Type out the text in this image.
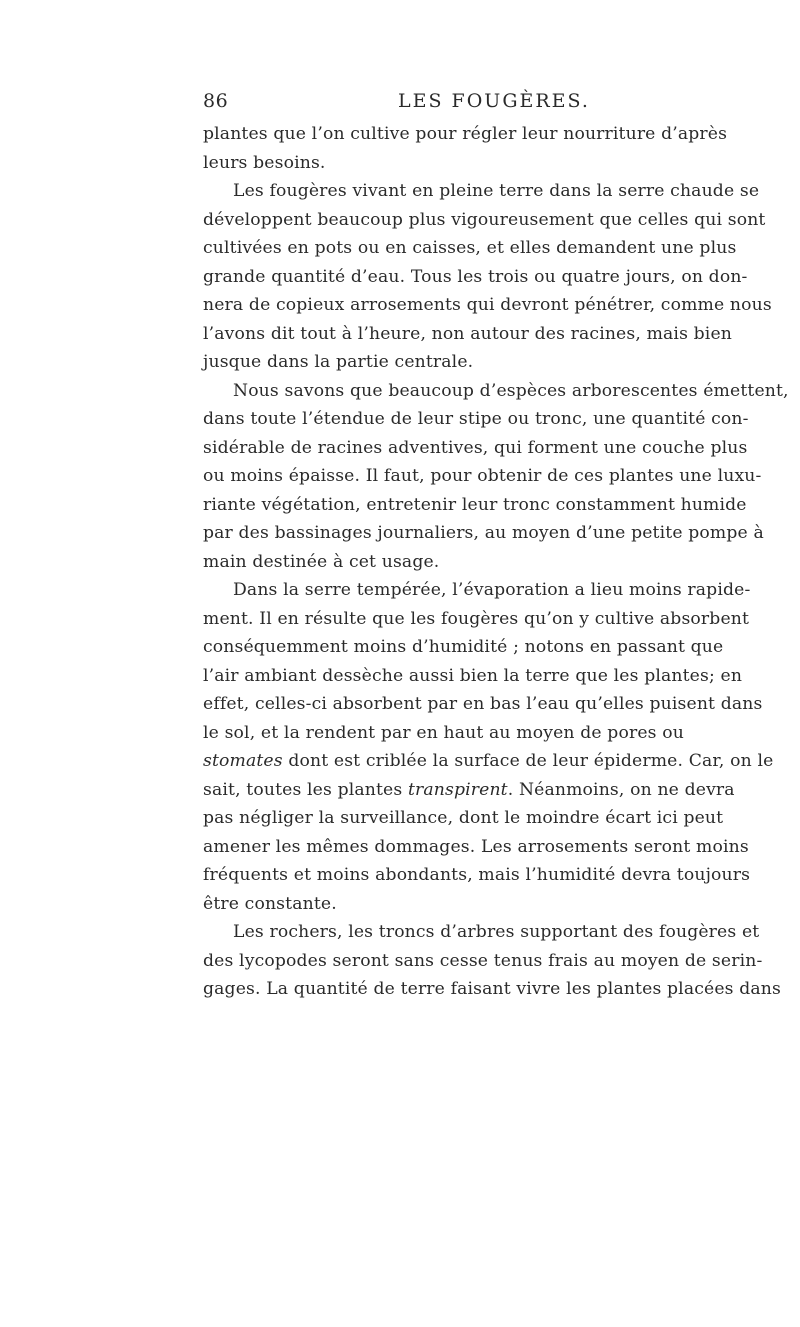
86	LES FOUGÈRES.
plantes que l’on cultive pour régler leur nourriture d’après
leurs besoins.
Les fougères vivant en pleine terre dans la serre chaude se
développent beaucoup plus vigoureusement que celles qui sont
cultivées en pots ou en caisses, et elles demandent une plus
grande quantité d’eau. Tous les trois ou quatre jours, on don-
nera de copieux arrosements qui devront pénétrer, comme nous
l’avons dit tout à l’heure, non autour des racines, mais bien
jusque dans la partie centrale.
Nous savons que beaucoup d’espèces arborescentes émettent,
dans toute l’étendue de leur stipe ou tronc, une quantité con-
sidérable de racines adventives, qui forment une couche plus
ou moins épaisse. Il faut, pour obtenir de ces plantes une luxu-
riante végétation, entretenir leur tronc constamment humide
par des bassinages journaliers, au moyen d’une petite pompe à
main destinée à cet usage.
Dans la serre tempérée, l’évaporation a lieu moins rapide-
ment. Il en résulte que les fougères qu’on y cultive absorbent
conséquemment moins d’humidité ; notons en passant que
l’air ambiant dessèche aussi bien la terre que les plantes; en
effet, celles-ci absorbent par en bas l’eau qu’elles puisent dans
le sol, et la rendent par en haut au moyen de pores ou
stomates dont est criblée la surface de leur épiderme. Car, on le
sait, toutes les plantes transpirent. Néanmoins, on ne devra
pas négliger la surveillance, dont le moindre écart ici peut
amener les mêmes dommages. Les arrosements seront moins
fréquents et moins abondants, mais l’humidité devra toujours
être constante.
Les rochers, les troncs d’arbres supportant des fougères et
des lycopodes seront sans cesse tenus frais au moyen de serin-
gages. La quantité de terre faisant vivre les plantes placées dans
